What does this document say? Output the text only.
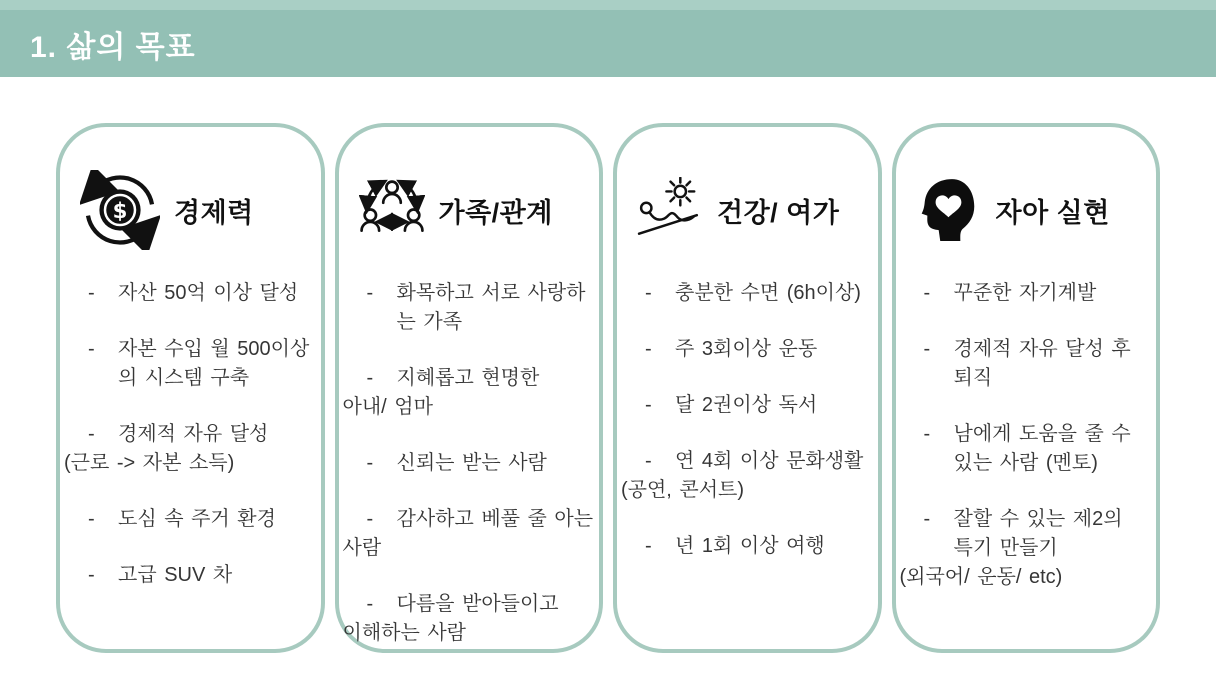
1. 삶의 목표
$ 경제력
- 자산 50억 이상 달성
- 자본 수입 월 500이상
의 시스템 구축
- 경제적 자유 달성
(근로 -> 자본 소득)
- 도심 속 주거 환경
- 고급 SUV 차
가족/관계
- 화목하고 서로 사랑하
는 가족
- 지혜롭고 현명한
아내/ 엄마
- 신뢰는 받는 사람
- 감사하고 베풀 줄 아는
사람
- 다름을 받아들이고
이해하는 사람
건강/ 여가
- 충분한 수면 (6h이상)
- 주 3회이상 운동
- 달 2권이상 독서
- 연 4회 이상 문화생활
(공연, 콘서트)
- 년 1회 이상 여행
자아 실현
- 꾸준한 자기계발
- 경제적 자유 달성 후
퇴직
- 남에게 도움을 줄 수
있는 사람 (멘토)
- 잘할 수 있는 제2의
특기 만들기
(외국어/ 운동/ etc)
